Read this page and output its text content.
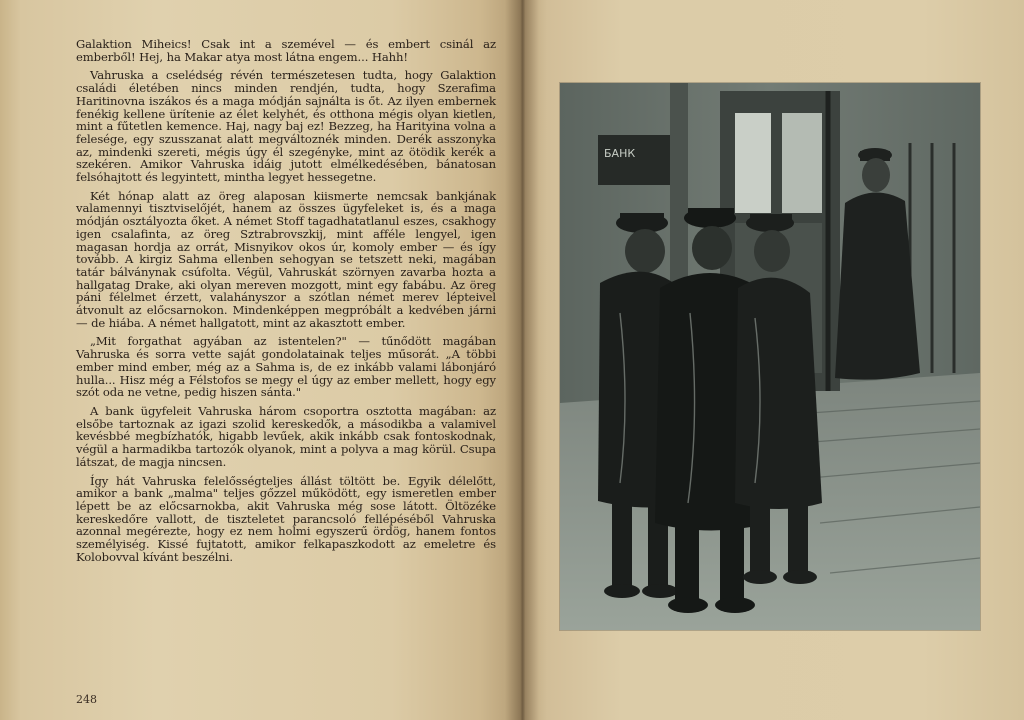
Galaktion Miheics! Csak int a szemével — és embert csinál az emberből! Hej, ha Makar atya most látna engem... Hahh!

Vahruska a cselédség révén természetesen tudta, hogy Galaktion családi életében nincs minden rendjén, tudta, hogy Szerafima Haritinovna iszákos és a maga módján sajnálta is őt. Az ilyen embernek fenékig kellene ürítenie az élet kelyhét, és otthona mégis olyan kietlen, mint a fűtetlen kemence. Haj, nagy baj ez! Bezzeg, ha Harityina volna a felesége, egy szusszanat alatt megváltoznék minden. Derék asszonyka az, mindenki szereti, mégis úgy él szegényke, mint az ötödik kerék a szekéren. Amikor Vahruska idáig jutott elmélkedésében, bánatosan felsóhajtott és legyintett, mintha legyet hessegetne.

Két hónap alatt az öreg alaposan kiismerte nemcsak bankjának valamennyi tisztviselőjét, hanem az összes ügyfeleket is, és a maga módján osztályozta őket. A német Stoff tagadhatatlanul eszes, csakhogy igen csalafinta, az öreg Sztrabrovszkij, mint afféle lengyel, igen magasan hordja az orrát, Misnyikov okos úr, komoly ember — és így tovább. A kirgiz Sahma ellenben sehogyan se tetszett neki, magában tatár bálványnak csúfolta. Végül, Vahruskát szörnyen zavarba hozta a hallgatag Drake, aki olyan mereven mozgott, mint egy fabábu. Az öreg páni félelmet érzett, valahányszor a szótlan német merev lépteivel átvonult az előcsarnokon. Mindenképpen megpróbált a kedvében járni — de hiába. A német hallgatott, mint az akasztott ember.

„Mit forgathat agyában az istentelen?" — tűnődött magában Vahruska és sorra vette saját gondolatainak teljes műsorát. „A többi ember mind ember, még az a Sahma is, de ez inkább valami lábonjáró hulla... Hisz még a Félstofos se megy el úgy az ember mellett, hogy egy szót oda ne vetne, pedig hiszen sánta."

A bank ügyfeleit Vahruska három csoportra osztotta magában: az elsőbe tartoznak az igazi szolid kereskedők, a másodikba a valamivel kevésbbé megbízhatók, higabb levűek, akik inkább csak fontoskodnak, végül a harmadikba tartozók olyanok, mint a polyva a mag körül. Csupa látszat, de magja nincsen.

Így hát Vahruska felelősségteljes állást töltött be. Egyik délelőtt, amikor a bank „malma" teljes gőzzel működött, egy ismeretlen ember lépett be az előcsarnokba, akit Vahruska még sose látott. Öltözéke kereskedőre vallott, de tiszteletet parancsoló fellépéséből Vahruska azonnal megérezte, hogy ez nem holmi egyszerű ördög, hanem fontos személyiség. Kissé fujtatott, amikor felkapaszkodott az emeletre és Kolobovval kívánt beszélni.

248
БАНК
